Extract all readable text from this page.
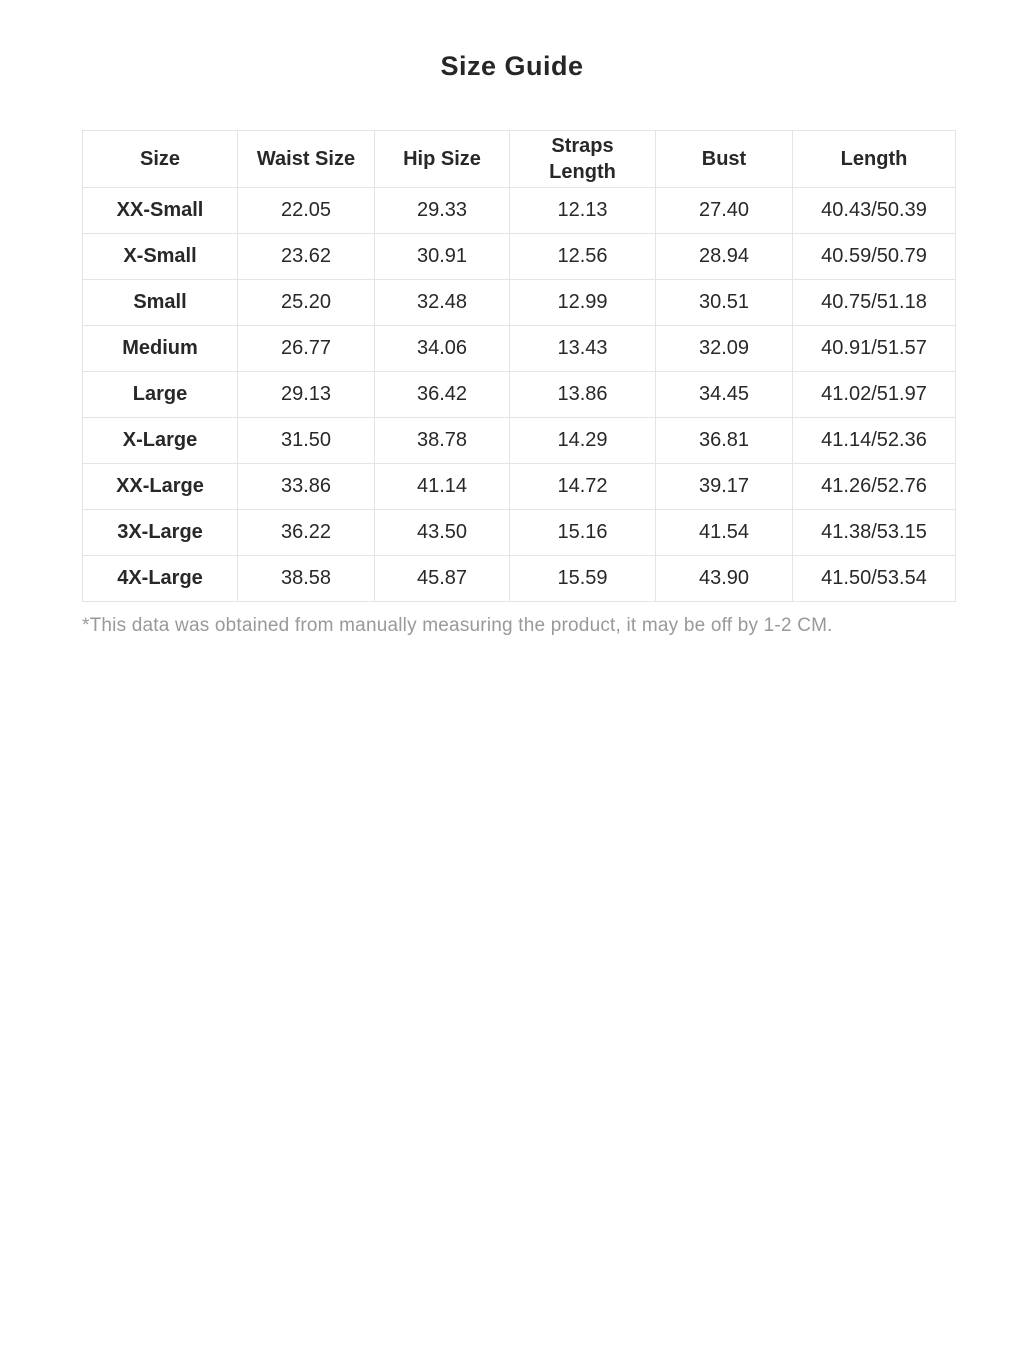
Size Guide
Size	Waist Size	Hip Size	Straps Length	Bust	Length
XX-Small	22.05	29.33	12.13	27.40	40.43/50.39
X-Small	23.62	30.91	12.56	28.94	40.59/50.79
Small	25.20	32.48	12.99	30.51	40.75/51.18
Medium	26.77	34.06	13.43	32.09	40.91/51.57
Large	29.13	36.42	13.86	34.45	41.02/51.97
X-Large	31.50	38.78	14.29	36.81	41.14/52.36
XX-Large	33.86	41.14	14.72	39.17	41.26/52.76
3X-Large	36.22	43.50	15.16	41.54	41.38/53.15
4X-Large	38.58	45.87	15.59	43.90	41.50/53.54

*This data was obtained from manually measuring the product, it may be off by 1-2 CM.
